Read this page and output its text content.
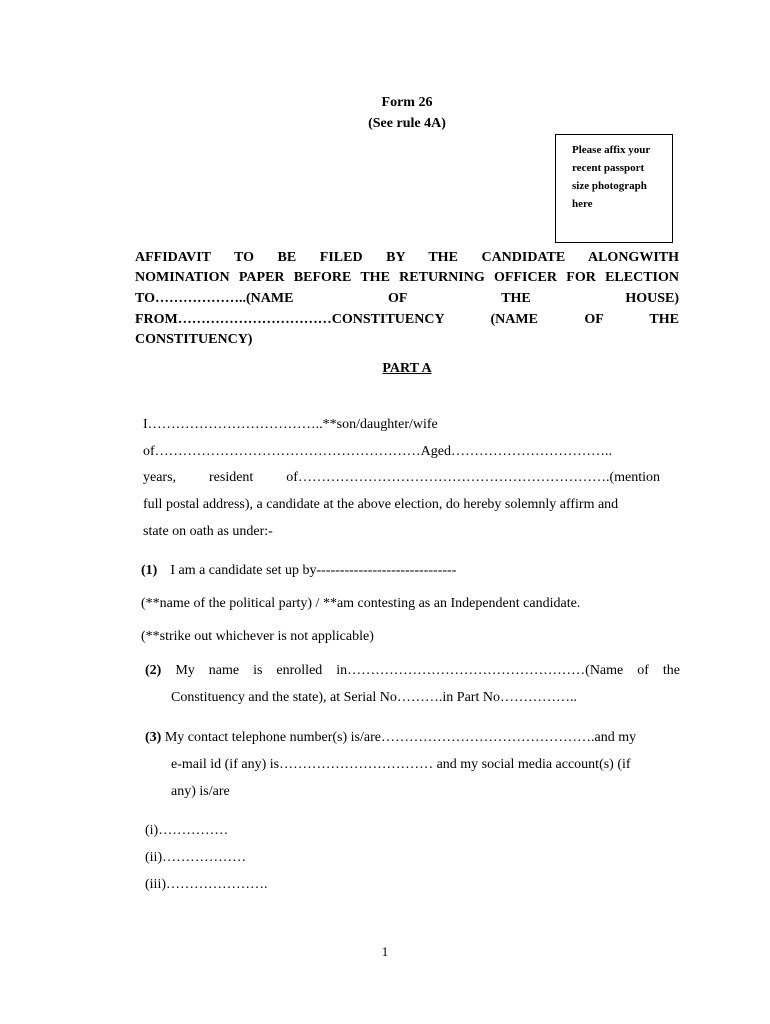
Form 26
(See rule 4A)
Please affix your
recent passport
size photograph
here
AFFIDAVIT TO BE FILED BY THE CANDIDATE ALONGWITH
NOMINATION PAPER BEFORE THE RETURNING OFFICER FOR ELECTION
TO………………..(NAME OF THE HOUSE)
FROM……………………………CONSTITUENCY (NAME OF THE
CONSTITUENCY)
PART A
I………………………………..**son/daughter/wife
of…………………………………………………Aged……………………………..
years, resident of………………………………………………………….(mention
full postal address), a candidate at the above election, do hereby solemnly affirm and
state on oath as under:-
(1) I am a candidate set up by------------------------------
(**name of the political party) / **am contesting as an Independent candidate.
(**strike out whichever is not applicable)
(2) My name is enrolled in……………………………………………(Name of the
Constituency and the state), at Serial No……….in Part No……………..
(3) My contact telephone number(s) is/are……………………………………….and my
e-mail id (if any) is…………………………… and my social media account(s) (if
any) is/are
(i)……………
(ii)………………
(iii)………………….
1
